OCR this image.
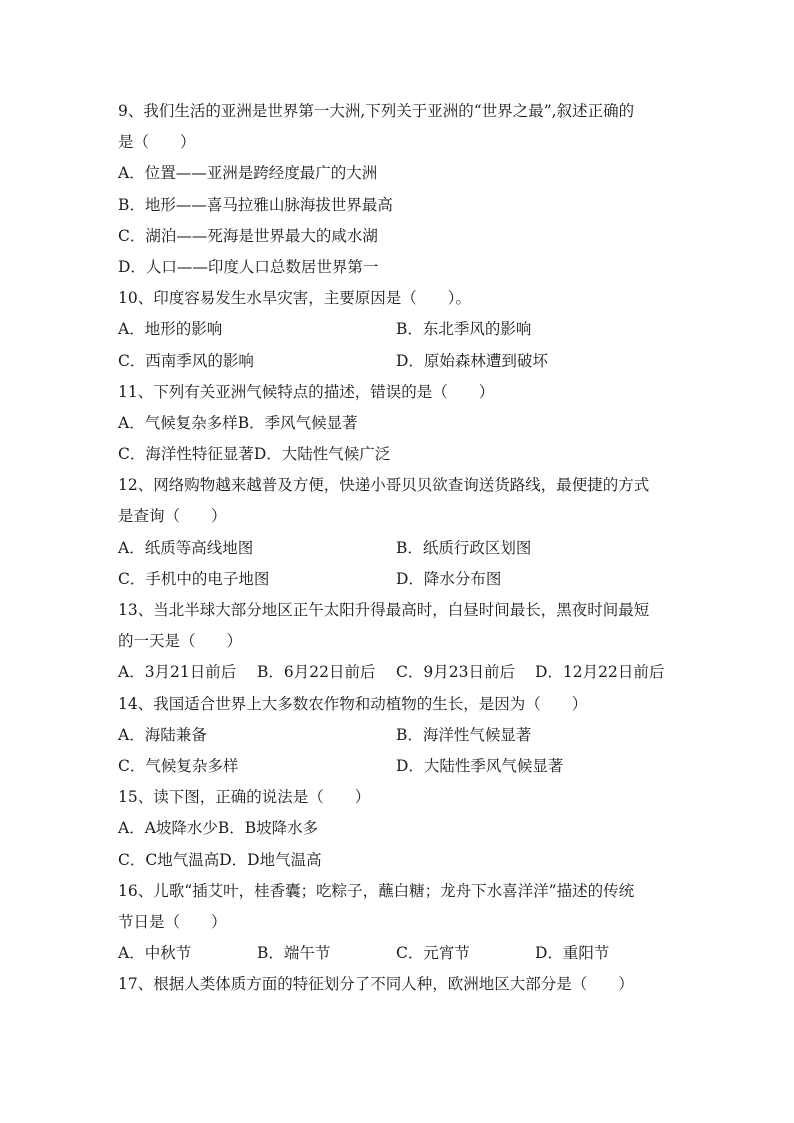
9、我们生活的亚洲是世界第一大洲,下列关于亚洲的“世界之最”,叙述正确的
是（　　）
A．位置——亚洲是跨经度最广的大洲
B．地形——喜马拉雅山脉海拔世界最高
C．湖泊——死海是世界最大的咸水湖
D．人口——印度人口总数居世界第一
10、印度容易发生水旱灾害，主要原因是（　　）。
A．地形的影响	B．东北季风的影响
C．西南季风的影响	D．原始森林遭到破坏
11、下列有关亚洲气候特点的描述，错误的是（　　）
A．气候复杂多样B．季风气候显著
C．海洋性特征显著D．大陆性气候广泛
12、网络购物越来越普及方便，快递小哥贝贝欲查询送货路线，最便捷的方式
是查询（　　）
A．纸质等高线地图	B．纸质行政区划图
C．手机中的电子地图	D．降水分布图
13、当北半球大部分地区正午太阳升得最高时，白昼时间最长，黑夜时间最短
的一天是（　　）
A．3月21日前后	B．6月22日前后	C．9月23日前后	D．12月22日前后
14、我国适合世界上大多数农作物和动植物的生长，是因为（　　）
A．海陆兼备	B．海洋性气候显著
C．气候复杂多样	D．大陆性季风气候显著
15、读下图，正确的说法是（　　）
A．A坡降水少B．B坡降水多
C．C地气温高D．D地气温高
16、儿歌“插艾叶，桂香囊；吃粽子，蘸白糖；龙舟下水喜洋洋”描述的传统
节日是（　　）
A．中秋节	B．端午节	C．元宵节	D．重阳节
17、根据人类体质方面的特征划分了不同人种，欧洲地区大部分是（　　）
